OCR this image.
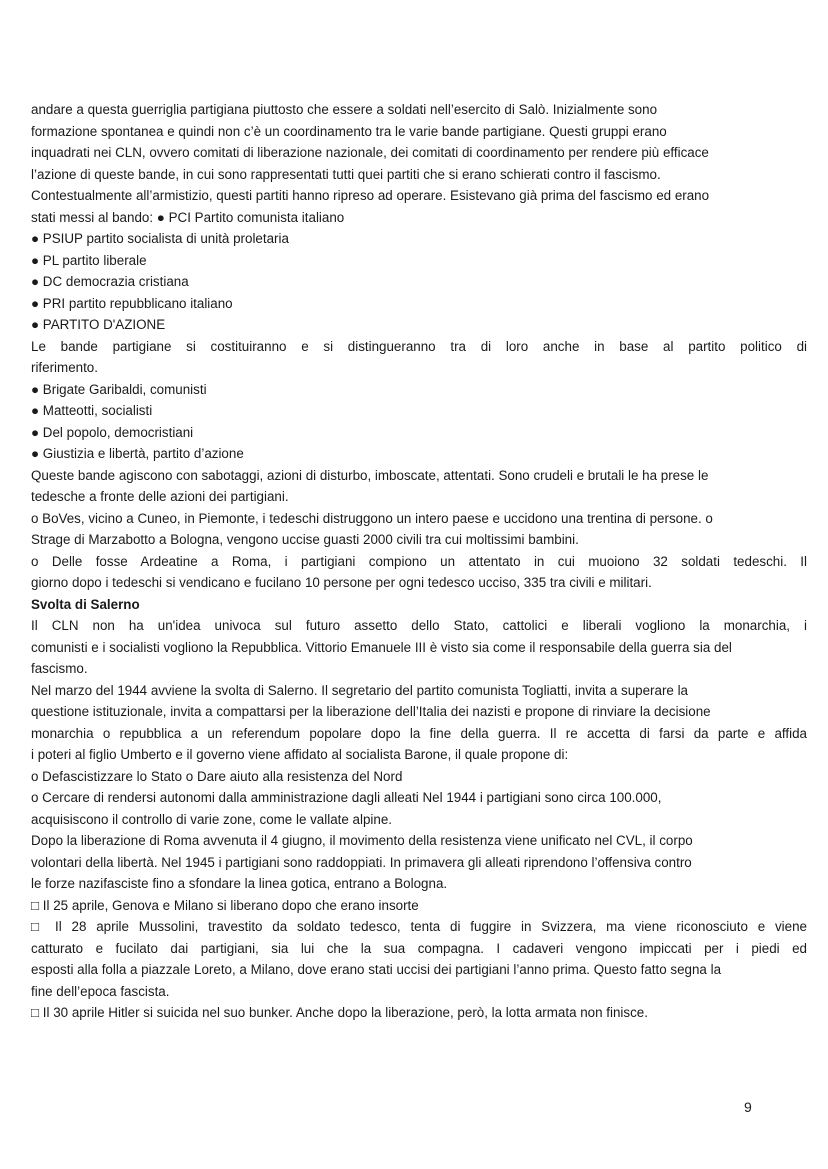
andare a questa guerriglia partigiana piuttosto che essere a soldati nell’esercito di Salò. Inizialmente sono
formazione spontanea e quindi non c’è un coordinamento tra le varie bande partigiane. Questi gruppi erano
inquadrati nei CLN, ovvero comitati di liberazione nazionale, dei comitati di coordinamento per rendere più efficace
l’azione di queste bande, in cui sono rappresentati tutti quei partiti che si erano schierati contro il fascismo.
Contestualmente all’armistizio, questi partiti hanno ripreso ad operare. Esistevano già prima del fascismo ed erano
stati messi al bando: ● PCI Partito comunista italiano
● PSIUP partito socialista di unità proletaria
● PL partito liberale
● DC democrazia cristiana
● PRI partito repubblicano italiano
● PARTITO D'AZIONE
Le bande partigiane si costituiranno e si distingueranno tra di loro anche in base al partito politico di
riferimento.
● Brigate Garibaldi, comunisti
● Matteotti, socialisti
● Del popolo, democristiani
● Giustizia e libertà, partito d’azione
Queste bande agiscono con sabotaggi, azioni di disturbo, imboscate, attentati. Sono crudeli e brutali le ha prese le
tedesche a fronte delle azioni dei partigiani.
o BoVes, vicino a Cuneo, in Piemonte, i tedeschi distruggono un intero paese e uccidono una trentina di persone. o
Strage di Marzabotto a Bologna, vengono uccise guasti 2000 civili tra cui moltissimi bambini.
o Delle fosse Ardeatine a Roma, i partigiani compiono un attentato in cui muoiono 32 soldati tedeschi. Il
giorno dopo i tedeschi si vendicano e fucilano 10 persone per ogni tedesco ucciso, 335 tra civili e militari.
Svolta di Salerno
Il CLN non ha un'idea univoca sul futuro assetto dello Stato, cattolici e liberali vogliono la monarchia, i
comunisti e i socialisti vogliono la Repubblica. Vittorio Emanuele III è visto sia come il responsabile della guerra sia del
fascismo.
Nel marzo del 1944 avviene la svolta di Salerno. Il segretario del partito comunista Togliatti, invita a superare la
questione istituzionale, invita a compattarsi per la liberazione dell’Italia dei nazisti e propone di rinviare la decisione
monarchia o repubblica a un referendum popolare dopo la fine della guerra. Il re accetta di farsi da parte e affida
i poteri al figlio Umberto e il governo viene affidato al socialista Barone, il quale propone di:
o Defascistizzare lo Stato o Dare aiuto alla resistenza del Nord
o Cercare di rendersi autonomi dalla amministrazione dagli alleati Nel 1944 i partigiani sono circa 100.000,
acquisiscono il controllo di varie zone, come le vallate alpine.
Dopo la liberazione di Roma avvenuta il 4 giugno, il movimento della resistenza viene unificato nel CVL, il corpo
volontari della libertà. Nel 1945 i partigiani sono raddoppiati. In primavera gli alleati riprendono l’offensiva contro
le forze nazifasciste fino a sfondare la linea gotica, entrano a Bologna.
□ Il 25 aprile, Genova e Milano si liberano dopo che erano insorte
□ Il 28 aprile Mussolini, travestito da soldato tedesco, tenta di fuggire in Svizzera, ma viene riconosciuto e viene
catturato e fucilato dai partigiani, sia lui che la sua compagna. I cadaveri vengono impiccati per i piedi ed
esposti alla folla a piazzale Loreto, a Milano, dove erano stati uccisi dei partigiani l’anno prima. Questo fatto segna la
fine dell’epoca fascista.
□ Il 30 aprile Hitler si suicida nel suo bunker. Anche dopo la liberazione, però, la lotta armata non finisce.
9
